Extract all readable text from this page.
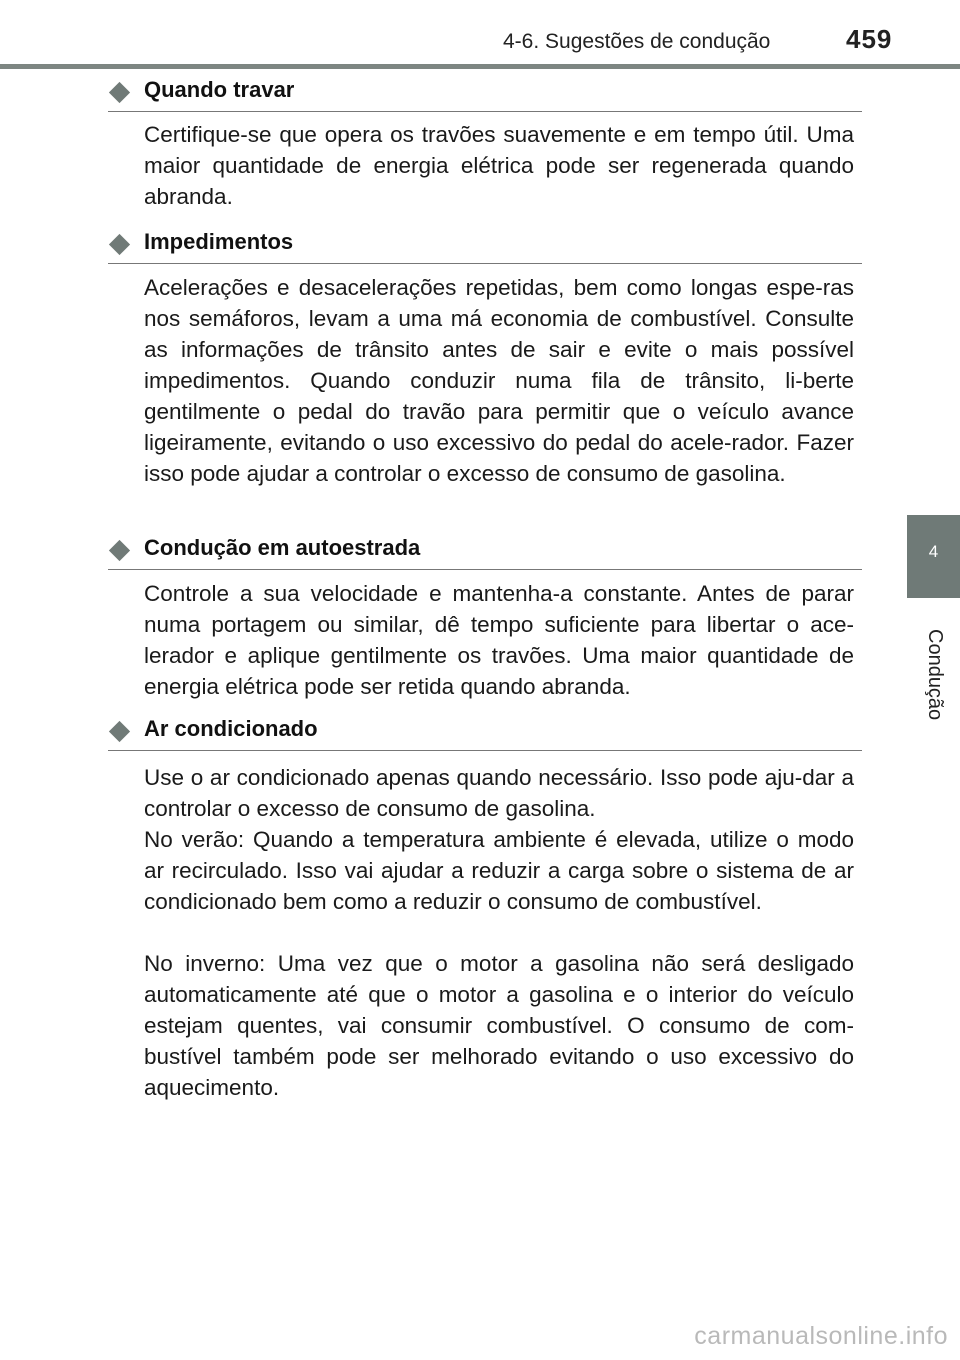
4-6. Sugestões de condução	459
4
Condução
Quando travar
Certifique-se que opera os travões suavemente e em tempo útil. Uma maior quantidade de energia elétrica pode ser regenerada quando abranda.
Impedimentos
Acelerações e desacelerações repetidas, bem como longas espe-ras nos semáforos, levam a uma má economia de combustível. Consulte as informações de trânsito antes de sair e evite o mais possível impedimentos. Quando conduzir numa fila de trânsito, li-berte gentilmente o pedal do travão para permitir que o veículo avance ligeiramente, evitando o uso excessivo do pedal do acele-rador. Fazer isso pode ajudar a controlar o excesso de consumo de gasolina.
Condução em autoestrada
Controle a sua velocidade e mantenha-a constante. Antes de parar numa portagem ou similar, dê tempo suficiente para libertar o ace-lerador e aplique gentilmente os travões. Uma maior quantidade de energia elétrica pode ser retida quando abranda.
Ar condicionado
Use o ar condicionado apenas quando necessário. Isso pode aju-dar a controlar o excesso de consumo de gasolina.
No verão: Quando a temperatura ambiente é elevada, utilize o modo ar recirculado. Isso vai ajudar a reduzir a carga sobre o sistema de ar condicionado bem como a reduzir o consumo de combustível.
No inverno: Uma vez que o motor a gasolina não será desligado automaticamente até que o motor a gasolina e o interior do veículo estejam quentes, vai consumir combustível. O consumo de com-bustível também pode ser melhorado evitando o uso excessivo do aquecimento.
carmanualsonline.info
